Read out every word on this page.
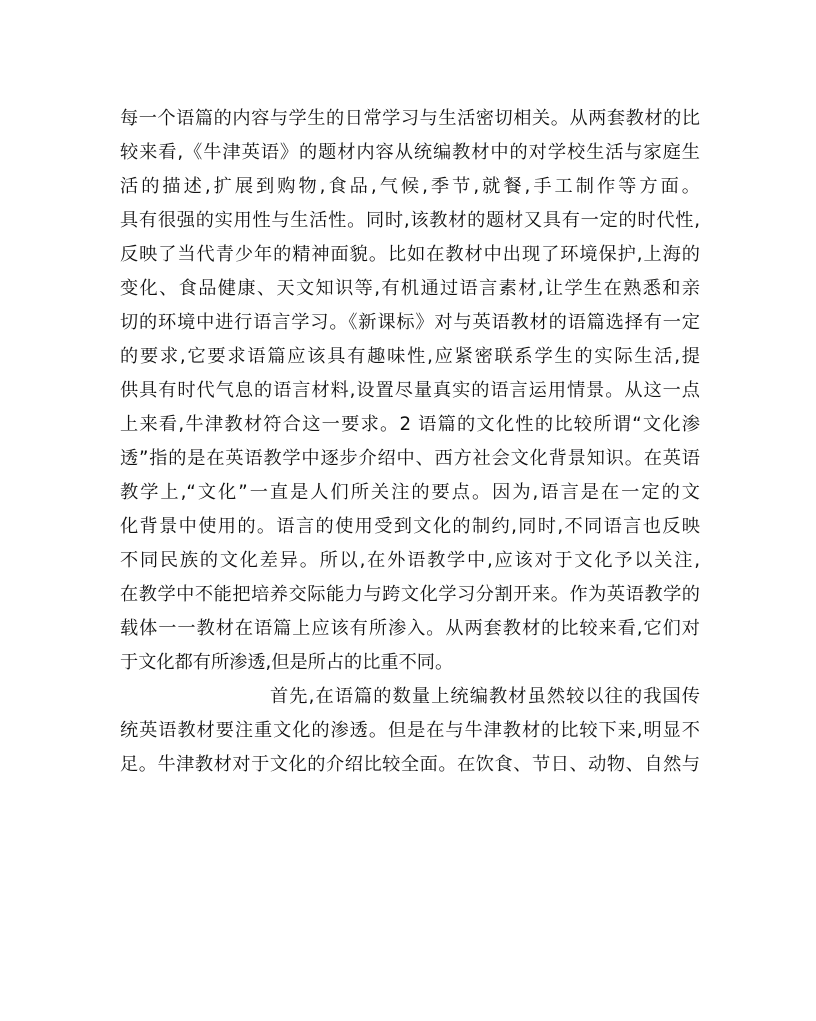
每一个语篇的内容与学生的日常学习与生活密切相关。从两套教材的比
较来看,《牛津英语》的题材内容从统编教材中的对学校生活与家庭生
活的描述,扩展到购物,食品,气候,季节,就餐,手工制作等方面。
具有很强的实用性与生活性。同时,该教材的题材又具有一定的时代性,
反映了当代青少年的精神面貌。比如在教材中出现了环境保护,上海的
变化、食品健康、天文知识等,有机通过语言素材,让学生在熟悉和亲
切的环境中进行语言学习。《新课标》对与英语教材的语篇选择有一定
的要求,它要求语篇应该具有趣味性,应紧密联系学生的实际生活,提
供具有时代气息的语言材料,设置尽量真实的语言运用情景。从这一点
上来看,牛津教材符合这一要求。2 语篇的文化性的比较所谓“文化渗
透”指的是在英语教学中逐步介绍中、西方社会文化背景知识。在英语
教学上,“文化”一直是人们所关注的要点。因为,语言是在一定的文
化背景中使用的。语言的使用受到文化的制约,同时,不同语言也反映
不同民族的文化差异。所以,在外语教学中,应该对于文化予以关注,
在教学中不能把培养交际能力与跨文化学习分割开来。作为英语教学的
载体一一教材在语篇上应该有所渗入。从两套教材的比较来看,它们对
于文化都有所渗透,但是所占的比重不同。
首先,在语篇的数量上统编教材虽然较以往的我国传
统英语教材要注重文化的渗透。但是在与牛津教材的比较下来,明显不
足。牛津教材对于文化的介绍比较全面。在饮食、节日、动物、自然与
